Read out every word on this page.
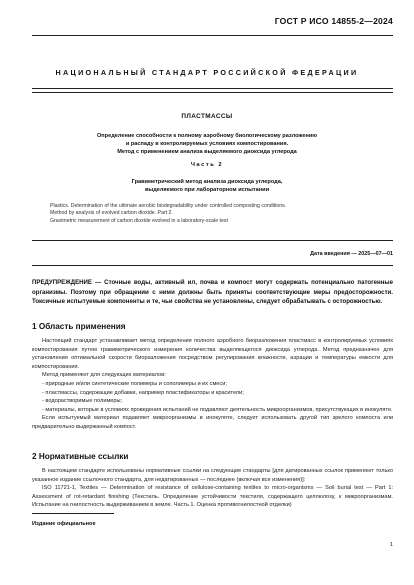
ГОСТ Р ИСО 14855-2—2024
НАЦИОНАЛЬНЫЙ СТАНДАРТ РОССИЙСКОЙ ФЕДЕРАЦИИ
ПЛАСТМАССЫ
Определение способности к полному аэробному биологическому разложению
и распаду в контролируемых условиях компостирования.
Метод с применением анализа выделяемого диоксида углерода
Часть 2
Гравиметрический метод анализа диоксида углерода,
выделяемого при лабораторном испытании
Plastics. Determination of the ultimate aerobic biodegradability under controlled composting conditions.
Method by analysis of evolved carbon dioxide. Part 2.
Gravimetric measurement of carbon dioxide evolved in a laboratory-scale test
Дата введения — 2025—07—01
ПРЕДУПРЕЖДЕНИЕ — Сточные воды, активный ил, почва и компост могут содержать потенциально патогенные организмы. Поэтому при обращении с ними должны быть приняты соответствующие меры предосторожности. Токсичные испытуемые компоненты и те, чьи свойства не установлены, следует обрабатывать с осторожностью.
1 Область применения

Настоящий стандарт устанавливает метод определения полного аэробного биоразложения пластмасс в контролируемых условиях компостирования путем гравиметрического измерения количества выделяющегося диоксида углерода. Метод предназначен для установления оптимальной скорости биоразложения посредством регулирования влажности, аэрации и температуры емкости для компостирования.

Метод применяют для следующих материалов:

- природные и/или синтетические полимеры и сополимеры и их смеси;

- пластмассы, содержащие добавки, например пластификаторы и красители;

- водорастворимые полимеры;

- материалы, которые в условиях проведения испытаний не подавляют деятельность микроорганизмов, присутствующих в инокуляте.

Если испытуемый материал подавляет микроорганизмы в инокуляте, следует использовать другой тип зрелого компоста или предварительно выдержанный компост.

2 Нормативные ссылки

В настоящем стандарте использованы нормативные ссылки на следующие стандарты [для датированных ссылок применяют только указанное издание ссылочного стандарта, для недатированных — последнее (включая все изменения)]:

ISO 11721-1, Textiles — Determination of resistance of cellulose-containing textiles to micro-organisms — Soil burial test — Part 1: Assessment of rot-retardant finishing (Текстиль. Определение устойчивости текстиля, содержащего целлюлозу, к микроорганизмам. Испытание на гнилостность выдерживанием в земле. Часть 1. Оценка противогнилостной отделки)

Издание официальное
1
